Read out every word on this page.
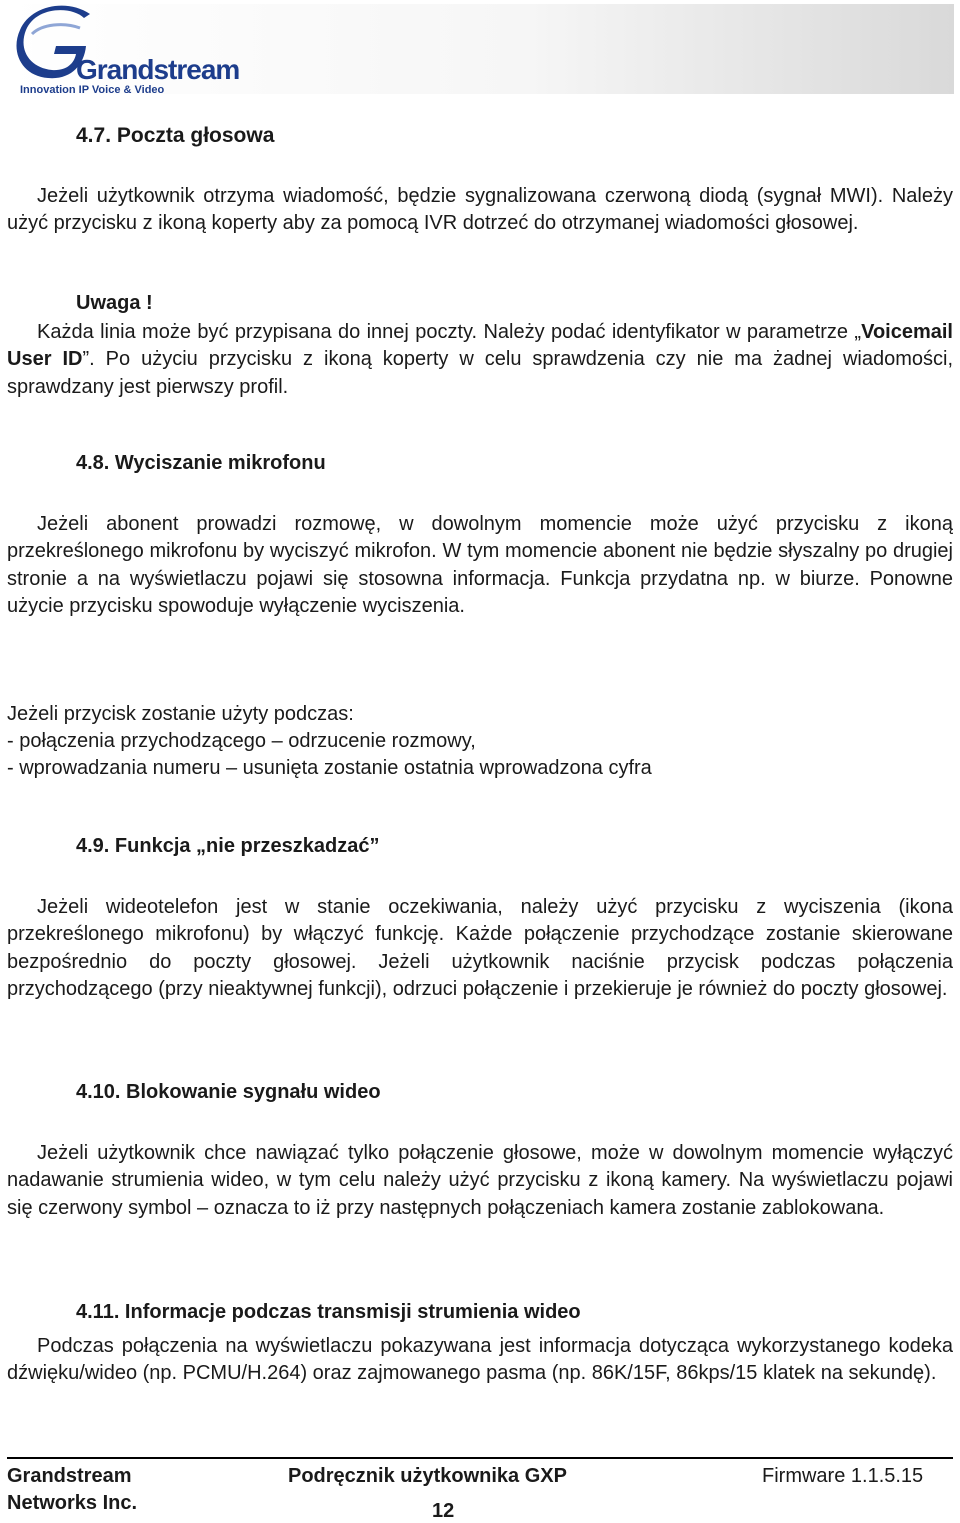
Grandstream
Innovation IP Voice & Video
4.7. Poczta głosowa

Jeżeli użytkownik otrzyma wiadomość, będzie sygnalizowana czerwoną diodą (sygnał MWI). Należy użyć przycisku z ikoną koperty aby za pomocą IVR dotrzeć do otrzymanej wiadomości głosowej.

Uwaga !

Każda linia może być przypisana do innej poczty. Należy podać identyfikator w parametrze „Voicemail User ID”. Po użyciu przycisku z ikoną koperty w celu sprawdzenia czy nie ma żadnej wiadomości, sprawdzany jest pierwszy profil.

4.8. Wyciszanie mikrofonu

Jeżeli abonent prowadzi rozmowę, w dowolnym momencie może użyć przycisku z ikoną przekreślonego mikrofonu by wyciszyć mikrofon. W tym momencie abonent nie będzie słyszalny po drugiej stronie a na wyświetlaczu pojawi się stosowna informacja. Funkcja przydatna np. w biurze. Ponowne użycie przycisku spowoduje wyłączenie wyciszenia.

Jeżeli przycisk zostanie użyty podczas:
- połączenia przychodzącego – odrzucenie rozmowy,
- wprowadzania numeru – usunięta zostanie ostatnia wprowadzona cyfra
4.9. Funkcja „nie przeszkadzać”

Jeżeli wideotelefon jest w stanie oczekiwania, należy użyć przycisku z wyciszenia (ikona przekreślonego mikrofonu) by włączyć funkcję. Każde połączenie przychodzące zostanie skierowane bezpośrednio do poczty głosowej. Jeżeli użytkownik naciśnie przycisk podczas połączenia przychodzącego (przy nieaktywnej funkcji), odrzuci połączenie i przekieruje je również do poczty głosowej.

4.10. Blokowanie sygnału wideo

Jeżeli użytkownik chce nawiązać tylko połączenie głosowe, może w dowolnym momencie wyłączyć nadawanie strumienia wideo, w tym celu należy użyć przycisku z ikoną kamery. Na wyświetlaczu pojawi się czerwony symbol – oznacza to iż przy następnych połączeniach kamera zostanie zablokowana.

4.11. Informacje podczas transmisji strumienia wideo

Podczas połączenia na wyświetlaczu pokazywana jest informacja dotycząca wykorzystanego kodeka dźwięku/wideo (np. PCMU/H.264) oraz zajmowanego pasma (np. 86K/15F, 86kps/15 klatek na sekundę).

Grandstream
Networks Inc.
Podręcznik użytkownika GXP	Firmware 1.1.5.15
12
